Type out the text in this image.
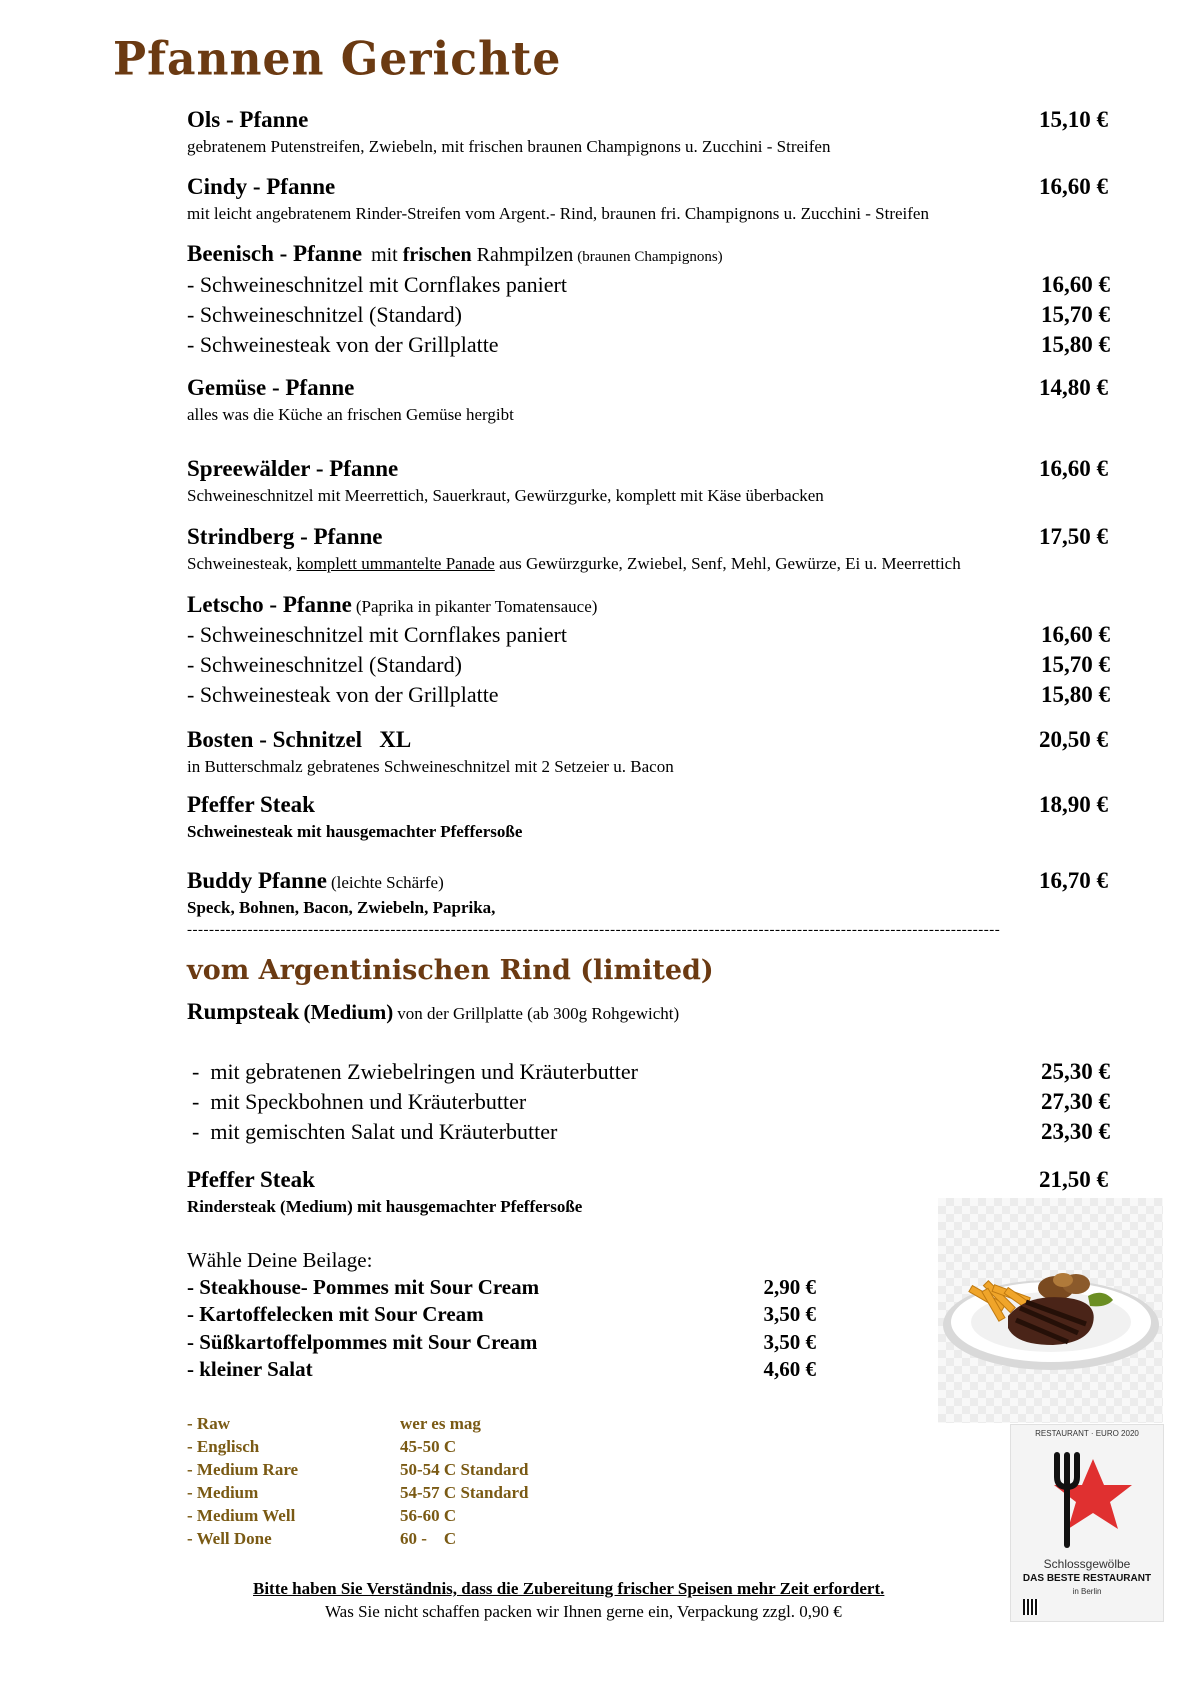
Pfannen Gerichte
Ols - Pfanne	15,10 €
gebratenem Putenstreifen, Zwiebeln, mit frischen braunen Champignons u. Zucchini - Streifen
Cindy - Pfanne	16,60 €
mit leicht angebratenem Rinder-Streifen vom Argent.- Rind, braunen fri. Champignons u. Zucchini - Streifen
Beenisch - Pfanne mit frischen Rahmpilzen (braunen Champignons)
- Schweineschnitzel mit Cornflakes paniert	16,60 €
- Schweineschnitzel (Standard)	15,70 €
- Schweinesteak von der Grillplatte	15,80 €
Gemüse - Pfanne	14,80 €
alles was die Küche an frischen Gemüse hergibt
Spreewälder - Pfanne	16,60 €
Schweineschnitzel mit Meerrettich, Sauerkraut, Gewürzgurke, komplett mit Käse überbacken
Strindberg - Pfanne	17,50 €
Schweinesteak, komplett ummantelte Panade aus Gewürzgurke, Zwiebel, Senf, Mehl, Gewürze, Ei u. Meerrettich
Letscho - Pfanne (Paprika in pikanter Tomatensauce)
- Schweineschnitzel mit Cornflakes paniert	16,60 €
- Schweineschnitzel (Standard)	15,70 €
- Schweinesteak von der Grillplatte	15,80 €
Bosten - Schnitzel   XL	20,50 €
in Butterschmalz gebratenes Schweineschnitzel mit 2 Setzeier u. Bacon
Pfeffer Steak	18,90 €
Schweinesteak mit hausgemachter Pfeffersoße
Buddy Pfanne (leichte Schärfe)	16,70 €
Speck, Bohnen, Bacon, Zwiebeln, Paprika,
----------------------------------------------------------------------------------------------------------------------------------------------------
vom Argentinischen Rind (limited)
Rumpsteak (Medium) von der Grillplatte (ab 300g Rohgewicht)
-  mit gebratenen Zwiebelringen und Kräuterbutter	25,30 €
-  mit Speckbohnen und Kräuterbutter	27,30 €
-  mit gemischten Salat und Kräuterbutter	23,30 €
Pfeffer Steak	21,50 €
Rindersteak (Medium) mit hausgemachter Pfeffersoße
Wähle Deine Beilage:
- Steakhouse- Pommes mit Sour Cream	2,90 €
- Kartoffelecken mit Sour Cream	3,50 €
- Süßkartoffelpommes mit Sour Cream	3,50 €
- kleiner Salat	4,60 €
- Raw	wer es mag
- Englisch	45-50 C
- Medium Rare	50-54 C Standard
- Medium	54-57 C Standard
- Medium Well	56-60 C
- Well Done	60 -    C
RESTAURANT · EURO 2020
Schlossgewölbe
DAS BESTE RESTAURANT
in Berlin
Bitte haben Sie Verständnis, dass die Zubereitung frischer Speisen mehr Zeit erfordert.
Was Sie nicht schaffen packen wir Ihnen gerne ein, Verpackung zzgl. 0,90 €
